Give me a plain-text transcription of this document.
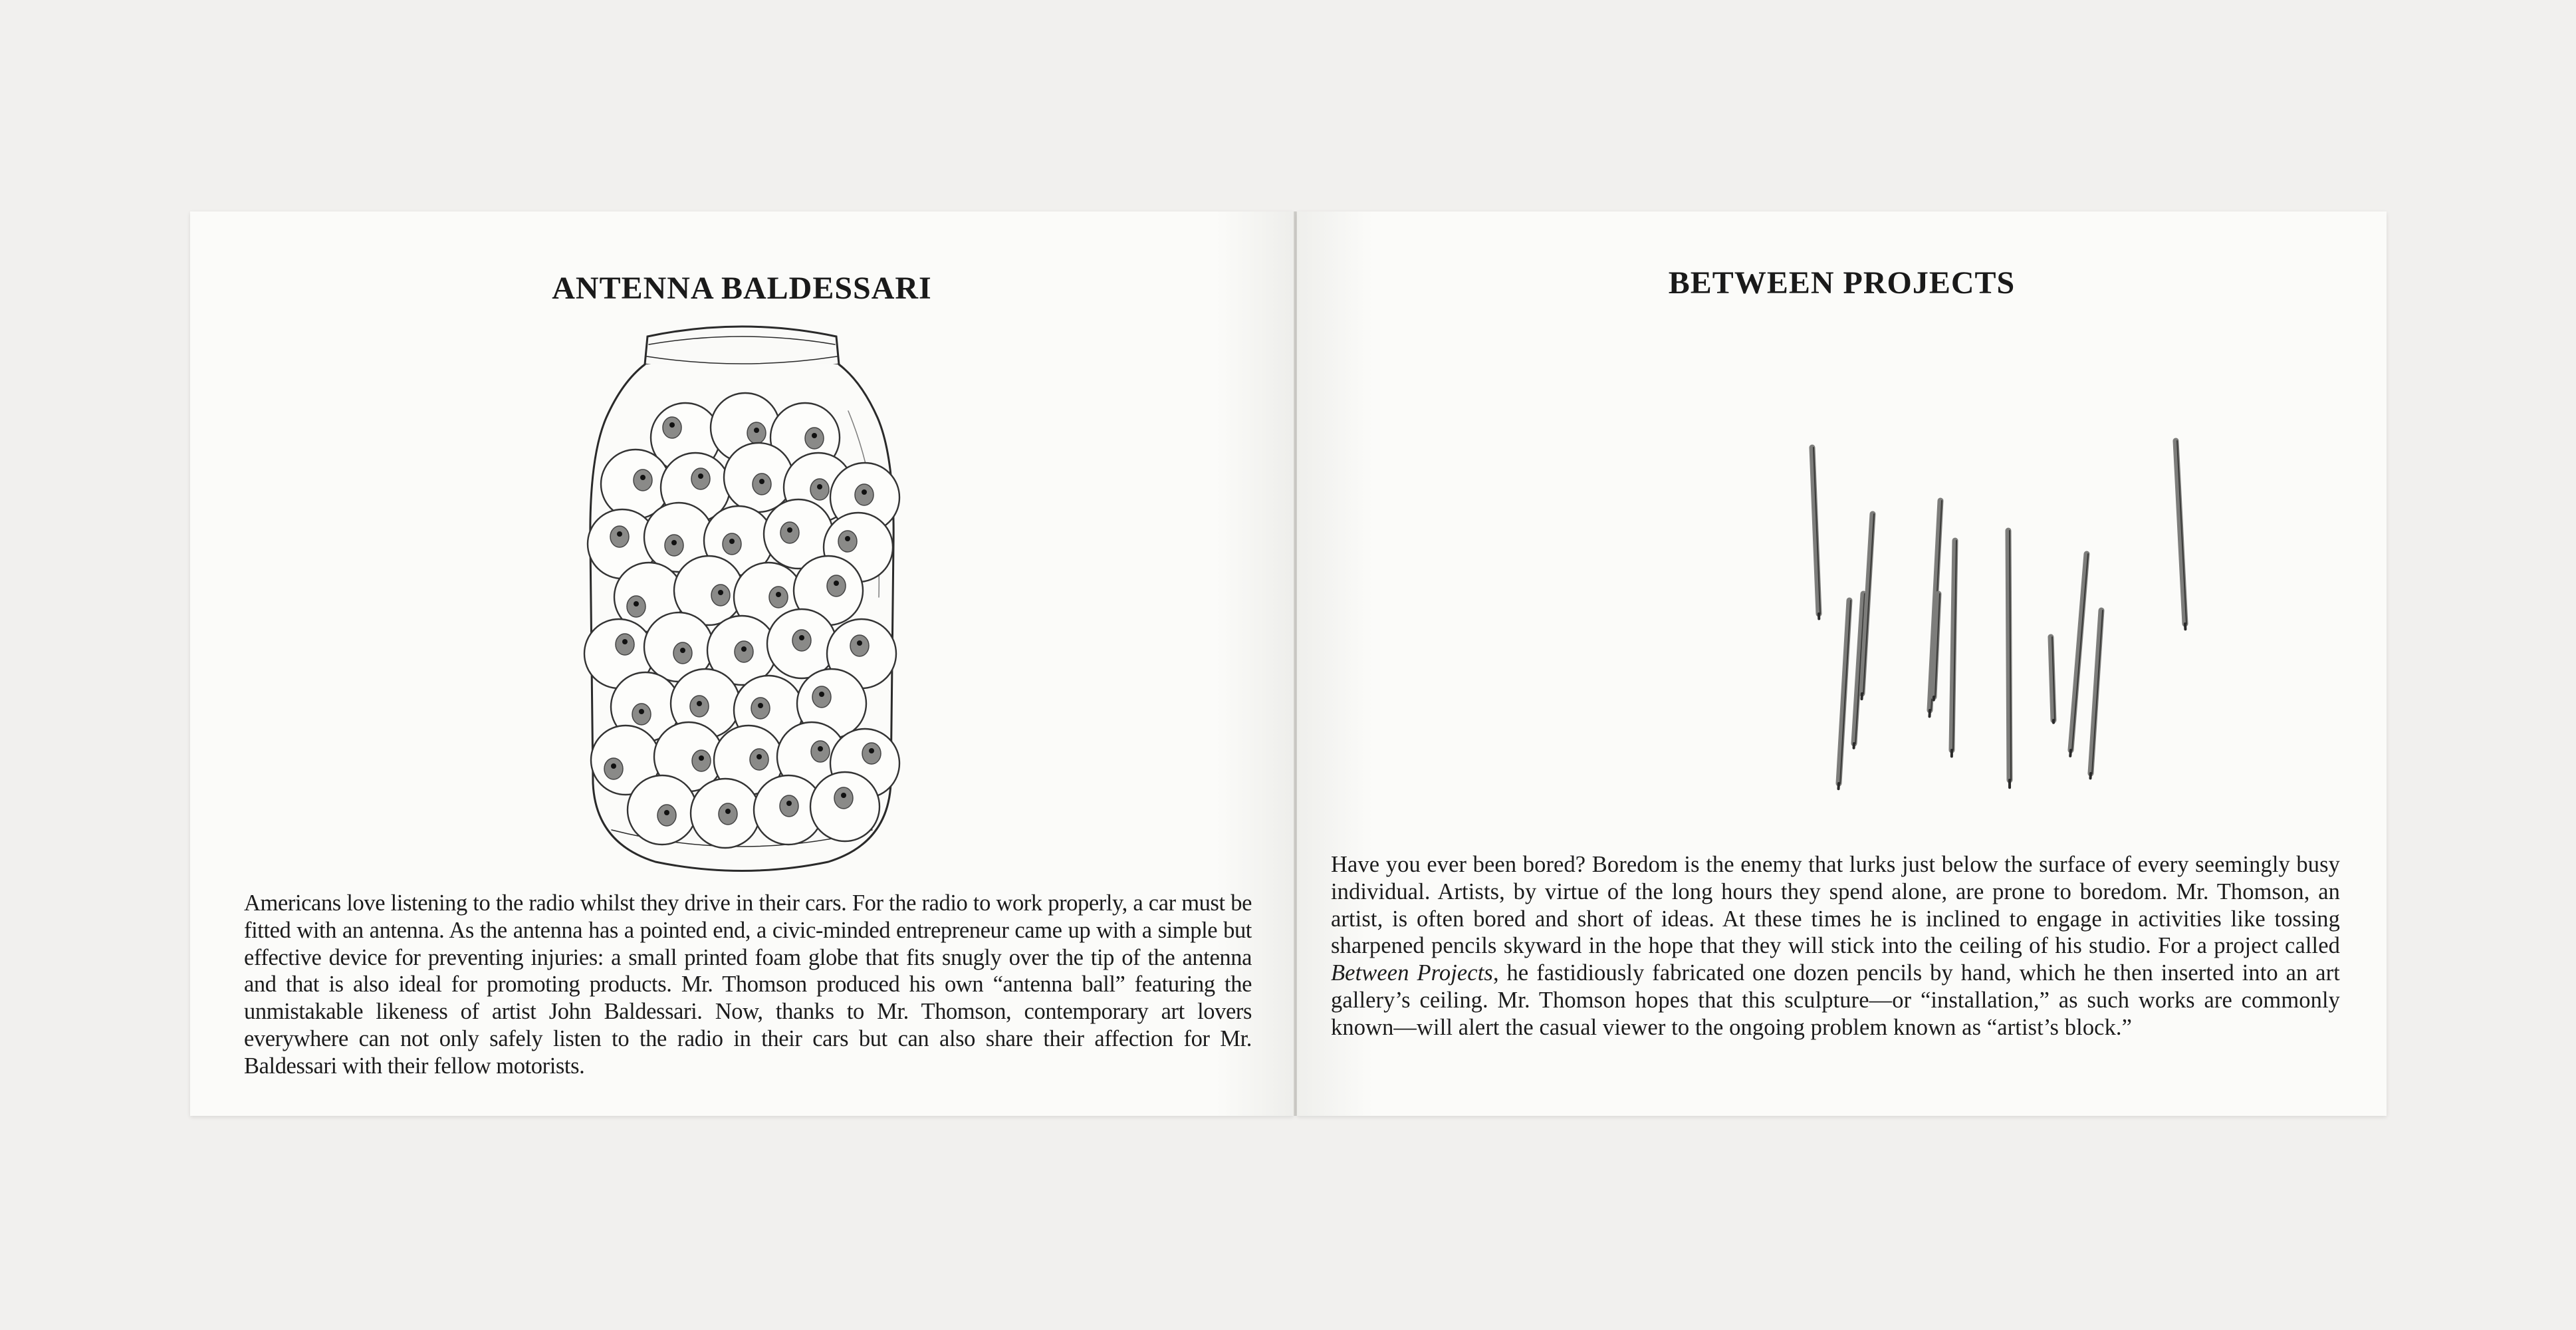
ANTENNA BALDESSARI

Americans love listening to the radio whilst they drive in their cars. For the radio to work properly, a car must be fitted with an antenna. As the antenna has a pointed end, a civic-minded entrepreneur came up with a simple but effective device for preventing injuries: a small printed foam globe that fits snugly over the tip of the antenna and that is also ideal for promoting products. Mr. Thomson produced his own “antenna ball” featuring the unmistakable likeness of artist John Baldessari. Now, thanks to Mr. Thomson, contemporary art lovers everywhere can not only safely listen to the radio in their cars but can also share their affection for Mr. Baldessari with their fellow motorists.

BETWEEN PROJECTS

Have you ever been bored? Boredom is the enemy that lurks just below the surface of every seemingly busy individual. Artists, by virtue of the long hours they spend alone, are prone to boredom. Mr. Thomson, an artist, is often bored and short of ideas. At these times he is inclined to engage in activities like tossing sharpened pencils skyward in the hope that they will stick into the ceiling of his studio. For a project called Between Projects, he fastidiously fabricated one dozen pencils by hand, which he then inserted into an art gallery’s ceiling. Mr. Thomson hopes that this sculpture—or “installation,” as such works are commonly known—will alert the casual viewer to the ongoing problem known as “artist’s block.”
